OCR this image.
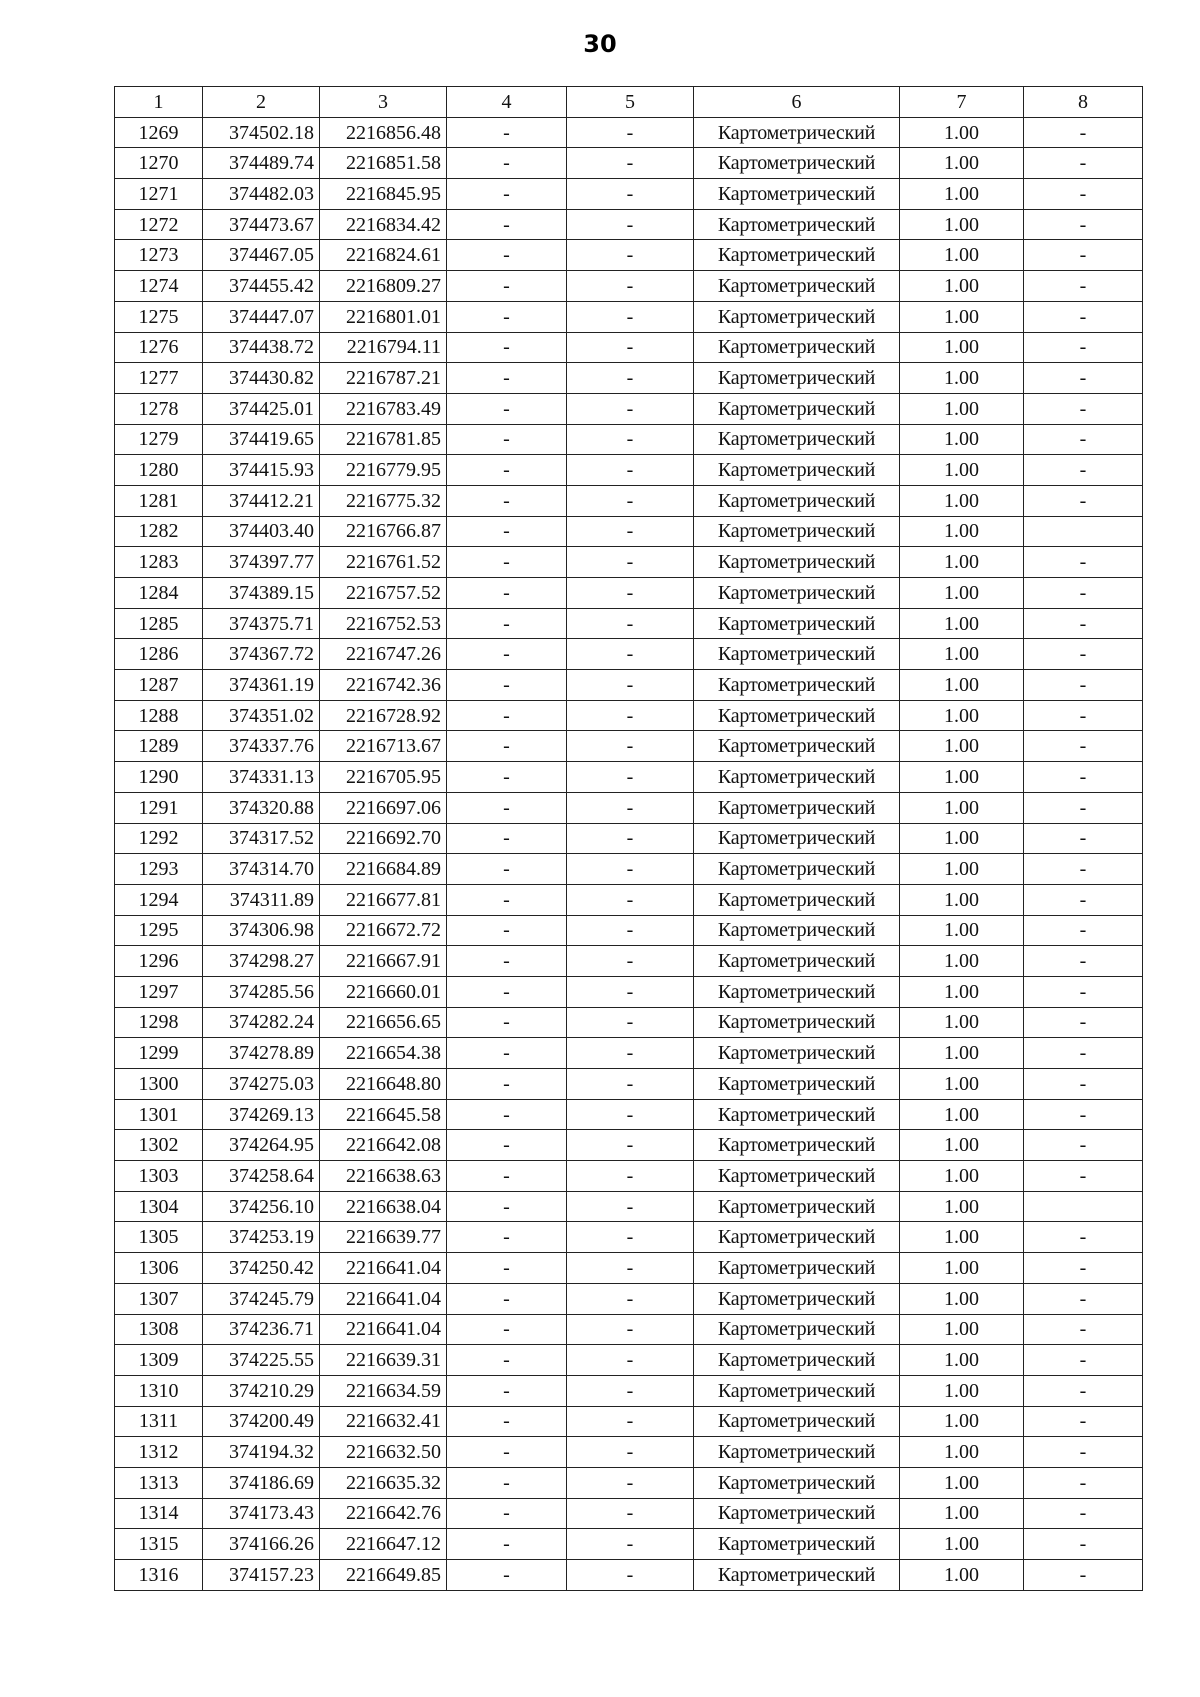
30
1	2	3	4	5	6	7	8
1269	374502.18	2216856.48	-	-	Картометрический	1.00	-
1270	374489.74	2216851.58	-	-	Картометрический	1.00	-
1271	374482.03	2216845.95	-	-	Картометрический	1.00	-
1272	374473.67	2216834.42	-	-	Картометрический	1.00	-
1273	374467.05	2216824.61	-	-	Картометрический	1.00	-
1274	374455.42	2216809.27	-	-	Картометрический	1.00	-
1275	374447.07	2216801.01	-	-	Картометрический	1.00	-
1276	374438.72	2216794.11	-	-	Картометрический	1.00	-
1277	374430.82	2216787.21	-	-	Картометрический	1.00	-
1278	374425.01	2216783.49	-	-	Картометрический	1.00	-
1279	374419.65	2216781.85	-	-	Картометрический	1.00	-
1280	374415.93	2216779.95	-	-	Картометрический	1.00	-
1281	374412.21	2216775.32	-	-	Картометрический	1.00	-
1282	374403.40	2216766.87	-	-	Картометрический	1.00	
1283	374397.77	2216761.52	-	-	Картометрический	1.00	-
1284	374389.15	2216757.52	-	-	Картометрический	1.00	-
1285	374375.71	2216752.53	-	-	Картометрический	1.00	-
1286	374367.72	2216747.26	-	-	Картометрический	1.00	-
1287	374361.19	2216742.36	-	-	Картометрический	1.00	-
1288	374351.02	2216728.92	-	-	Картометрический	1.00	-
1289	374337.76	2216713.67	-	-	Картометрический	1.00	-
1290	374331.13	2216705.95	-	-	Картометрический	1.00	-
1291	374320.88	2216697.06	-	-	Картометрический	1.00	-
1292	374317.52	2216692.70	-	-	Картометрический	1.00	-
1293	374314.70	2216684.89	-	-	Картометрический	1.00	-
1294	374311.89	2216677.81	-	-	Картометрический	1.00	-
1295	374306.98	2216672.72	-	-	Картометрический	1.00	-
1296	374298.27	2216667.91	-	-	Картометрический	1.00	-
1297	374285.56	2216660.01	-	-	Картометрический	1.00	-
1298	374282.24	2216656.65	-	-	Картометрический	1.00	-
1299	374278.89	2216654.38	-	-	Картометрический	1.00	-
1300	374275.03	2216648.80	-	-	Картометрический	1.00	-
1301	374269.13	2216645.58	-	-	Картометрический	1.00	-
1302	374264.95	2216642.08	-	-	Картометрический	1.00	-
1303	374258.64	2216638.63	-	-	Картометрический	1.00	-
1304	374256.10	2216638.04	-	-	Картометрический	1.00	
1305	374253.19	2216639.77	-	-	Картометрический	1.00	-
1306	374250.42	2216641.04	-	-	Картометрический	1.00	-
1307	374245.79	2216641.04	-	-	Картометрический	1.00	-
1308	374236.71	2216641.04	-	-	Картометрический	1.00	-
1309	374225.55	2216639.31	-	-	Картометрический	1.00	-
1310	374210.29	2216634.59	-	-	Картометрический	1.00	-
1311	374200.49	2216632.41	-	-	Картометрический	1.00	-
1312	374194.32	2216632.50	-	-	Картометрический	1.00	-
1313	374186.69	2216635.32	-	-	Картометрический	1.00	-
1314	374173.43	2216642.76	-	-	Картометрический	1.00	-
1315	374166.26	2216647.12	-	-	Картометрический	1.00	-
1316	374157.23	2216649.85	-	-	Картометрический	1.00	-
